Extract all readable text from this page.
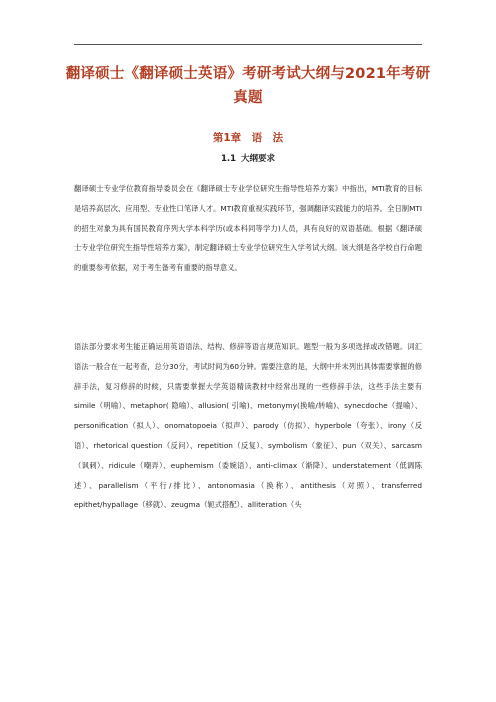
翻译硕士《翻译硕士英语》考研考试大纲与2021年考研真题
第1章　语　法
1.1 大纲要求

翻译硕士专业学位教育指导委员会在《翻译硕士专业学位研究生指导性培养方案》中指出，MTI教育的目标是培养高层次、应用型、专业性口笔译人才。MTI教育重视实践环节，强调翻译实践能力的培养。全日制MTI的招生对象为具有国民教育序列大学本科学历(或本科同等学力)人员，具有良好的双语基础。根据《翻译硕士专业学位研究生指导性培养方案》，制定翻译硕士专业学位研究生入学考试大纲。该大纲是各学校自行命题的重要参考依据，对于考生备考有重要的指导意义。

语法部分要求考生能正确运用英语语法、结构、修辞等语言规范知识。题型一般为多项选择或改错题。词汇语法一般合在一起考查，总分30分，考试时间为60分钟。需要注意的是，大纲中并未列出具体需要掌握的修辞手法，复习修辞的时候，只需要掌握大学英语精读教材中经常出现的一些修辞手法，这些手法主要有simile（明喻）、metaphor( 隐喻）、allusion( 引喻)、metonymy(换喻/转喻)、synecdoche（提喻）、personification（拟人）、onomatopoeia（拟声）、parody（仿拟）、hyperbole（夸张）、irony（反语）、rhetorical question（反问）、repetition（反复）、symbolism（象征）、pun（双关）、sarcasm（讽刺）、ridicule（嘲弄）、euphemism（委婉语）、anti-climax（渐降）、understatement（低调陈述）、parallelism（平行/排比）、antonomasia（换称）、antithesis（对照）、transferred epithet/hypallage（移就）、zeugma（轭式搭配）、alliteration（头
